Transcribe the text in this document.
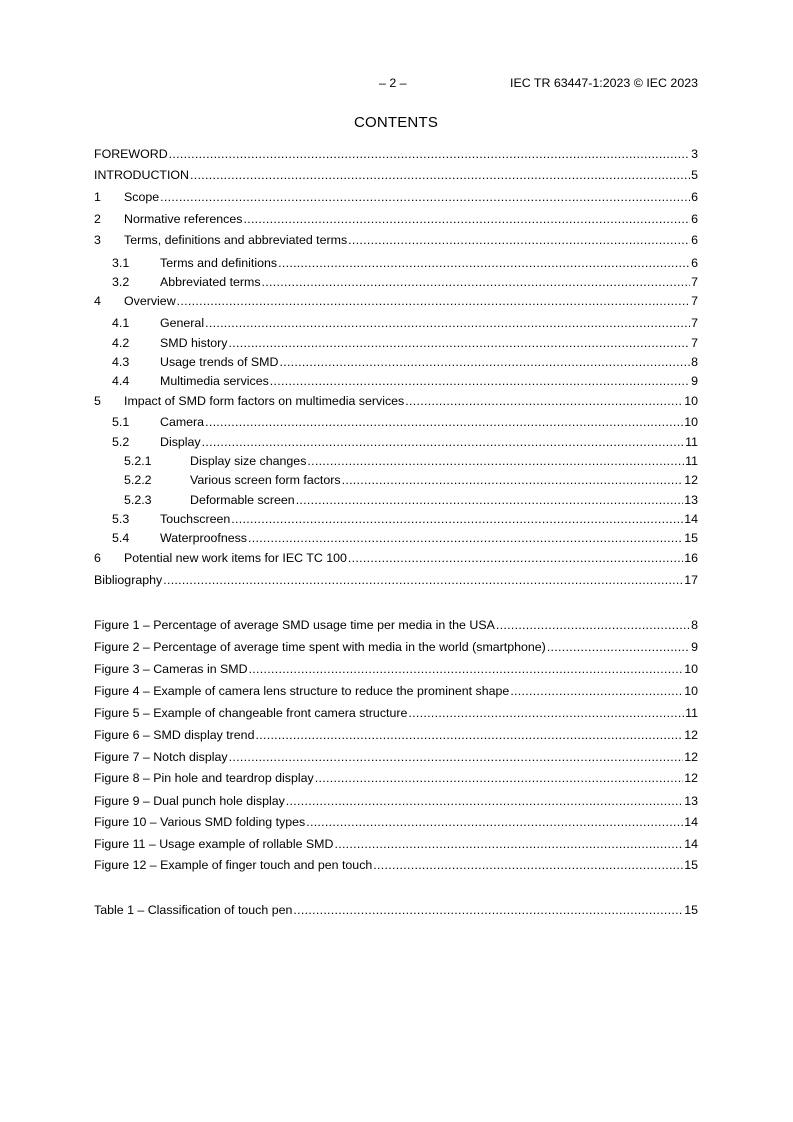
– 2 –	IEC TR 63447-1:2023 © IEC 2023
CONTENTS
FOREWORD .....	3
INTRODUCTION .....	5
1	Scope .....	6
2	Normative references .....	6
3	Terms, definitions and abbreviated terms .....	6
3.1	Terms and definitions .....	6
3.2	Abbreviated terms .....	7
4	Overview .....	7
4.1	General .....	7
4.2	SMD history .....	7
4.3	Usage trends of SMD .....	8
4.4	Multimedia services .....	9
5	Impact of SMD form factors on multimedia services .....	10
5.1	Camera .....	10
5.2	Display .....	11
5.2.1	Display size changes .....	11
5.2.2	Various screen form factors .....	12
5.2.3	Deformable screen .....	13
5.3	Touchscreen .....	14
5.4	Waterproofness .....	15
6	Potential new work items for IEC TC 100 .....	16
Bibliography .....	17
Figure 1 – Percentage of average SMD usage time per media in the USA .....	8
Figure 2 – Percentage of average time spent with media in the world (smartphone) .....	9
Figure 3 – Cameras in SMD .....	10
Figure 4 – Example of camera lens structure to reduce the prominent shape .....	10
Figure 5 – Example of changeable front camera structure .....	11
Figure 6 – SMD display trend .....	12
Figure 7 – Notch display .....	12
Figure 8 – Pin hole and teardrop display .....	12
Figure 9 – Dual punch hole display .....	13
Figure 10 – Various SMD folding types .....	14
Figure 11 – Usage example of rollable SMD .....	14
Figure 12 – Example of finger touch and pen touch .....	15
Table 1 – Classification of touch pen .....	15
